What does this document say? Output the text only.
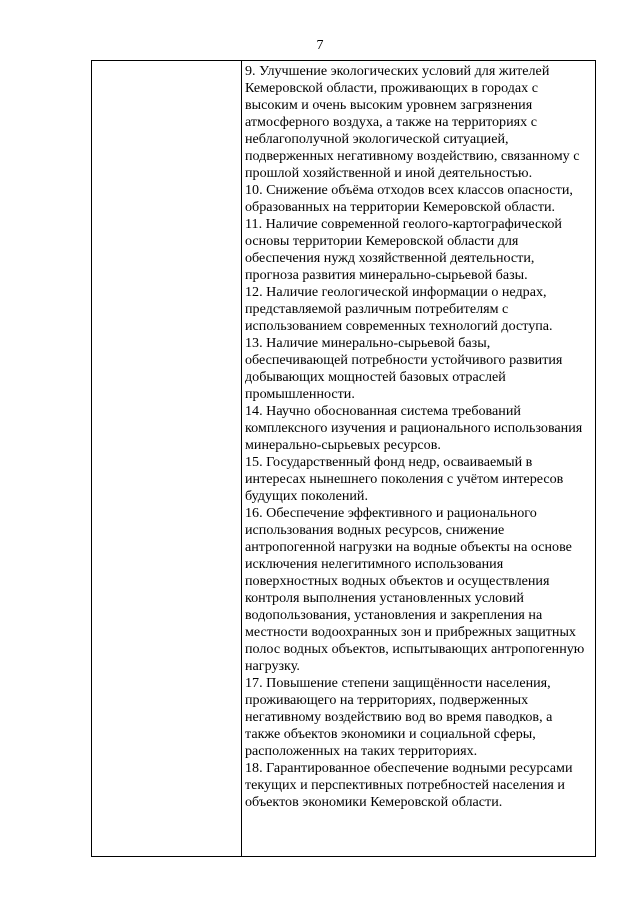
7

9. Улучшение экологических условий для жителей Кемеровской области, проживающих в городах с высоким и очень высоким уровнем загрязнения атмосферного воздуха, а также на территориях с неблагополучной экологической ситуацией, подверженных негативному воздействию, связанному с прошлой хозяйственной и иной деятельностью.

10. Снижение объёма отходов всех классов опасности, образованных на территории Кемеровской области.

11. Наличие современной геолого-картографической основы территории Кемеровской области для обеспечения нужд хозяйственной деятельности, прогноза развития минерально-сырьевой базы.

12. Наличие геологической информации о недрах, представляемой различным потребителям с использованием современных технологий доступа.

13. Наличие минерально-сырьевой базы, обеспечивающей потребности устойчивого развития добывающих мощностей базовых отраслей промышленности.

14. Научно обоснованная система требований комплексного изучения и рационального использования минерально-сырьевых ресурсов.

15. Государственный фонд недр, осваиваемый в интересах нынешнего поколения с учётом интересов будущих поколений.

16. Обеспечение эффективного и рационального использования водных ресурсов, снижение антропогенной нагрузки на водные объекты на основе исключения нелегитимного использования поверхностных водных объектов и осуществления контроля выполнения установленных условий водопользования, установления и закрепления на местности водоохранных зон и прибрежных защитных полос водных объектов, испытывающих антропогенную нагрузку.

17. Повышение степени защищённости населения, проживающего на территориях, подверженных негативному воздействию вод во время паводков, а также объектов экономики и социальной сферы, расположенных на таких территориях.

18. Гарантированное обеспечение водными ресурсами текущих и перспективных потребностей населения и объектов экономики Кемеровской области.
